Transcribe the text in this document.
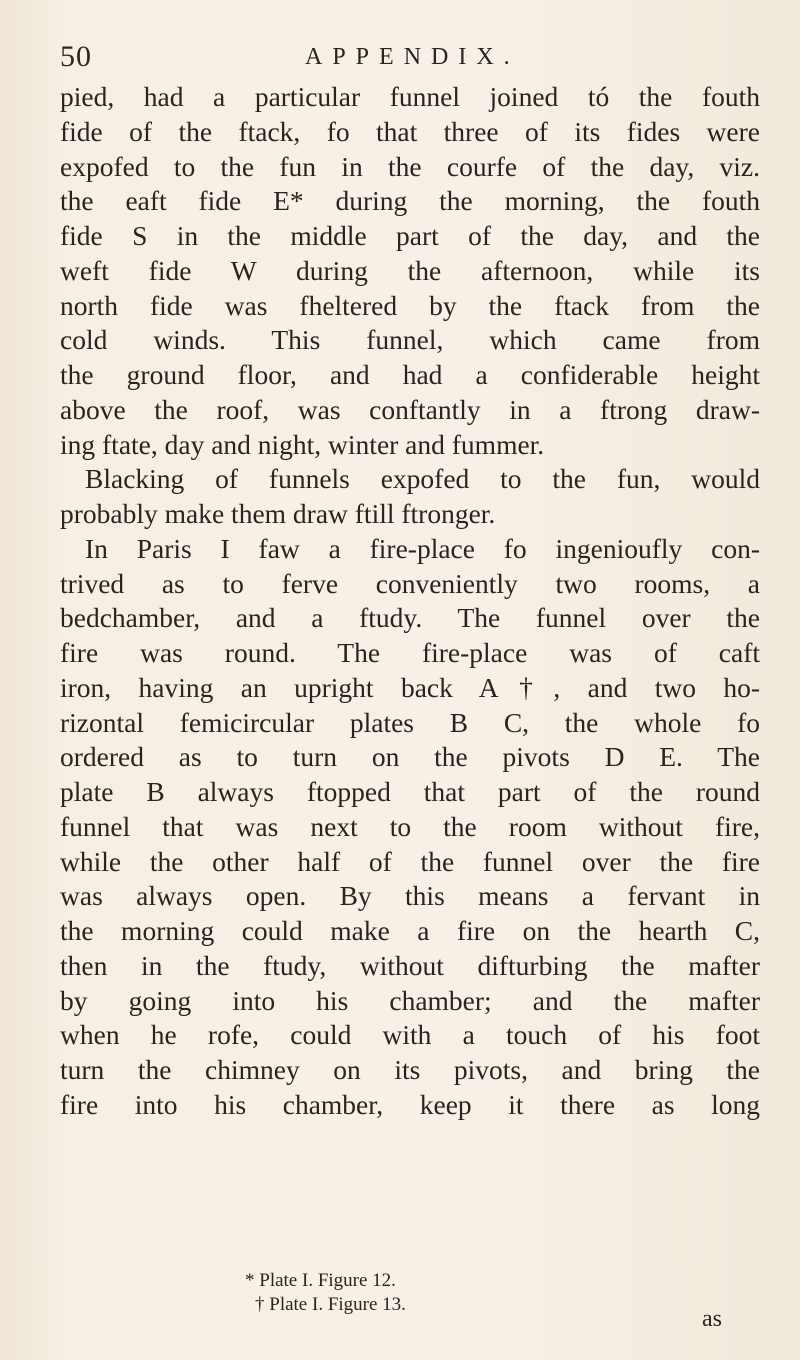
50	APPENDIX.
pied, had a particular funnel joined tó the fouth
fide of the ftack, fo that three of its fides were
expofed to the fun in the courfe of the day, viz.
the eaft fide E* during the morning, the fouth
fide S in the middle part of the day, and the
weft fide W during the afternoon, while its
north fide was fheltered by the ftack from the
cold winds. This funnel, which came from
the ground floor, and had a confiderable height
above the roof, was conftantly in a ftrong draw-
ing ftate, day and night, winter and fummer.
Blacking of funnels expofed to the fun, would
probably make them draw ftill ftronger.
In Paris I faw a fire-place fo ingenioufly con-
trived as to ferve conveniently two rooms, a
bedchamber, and a ftudy. The funnel over the
fire was round. The fire-place was of caft
iron, having an upright back A†, and two ho-
rizontal femicircular plates B C, the whole fo
ordered as to turn on the pivots D E. The
plate B always ftopped that part of the round
funnel that was next to the room without fire,
while the other half of the funnel over the fire
was always open. By this means a fervant in
the morning could make a fire on the hearth C,
then in the ftudy, without difturbing the mafter
by going into his chamber; and the mafter
when he rofe, could with a touch of his foot
turn the chimney on its pivots, and bring the
fire into his chamber, keep it there as long
* Plate I. Figure 12.
† Plate I. Figure 13.
as
